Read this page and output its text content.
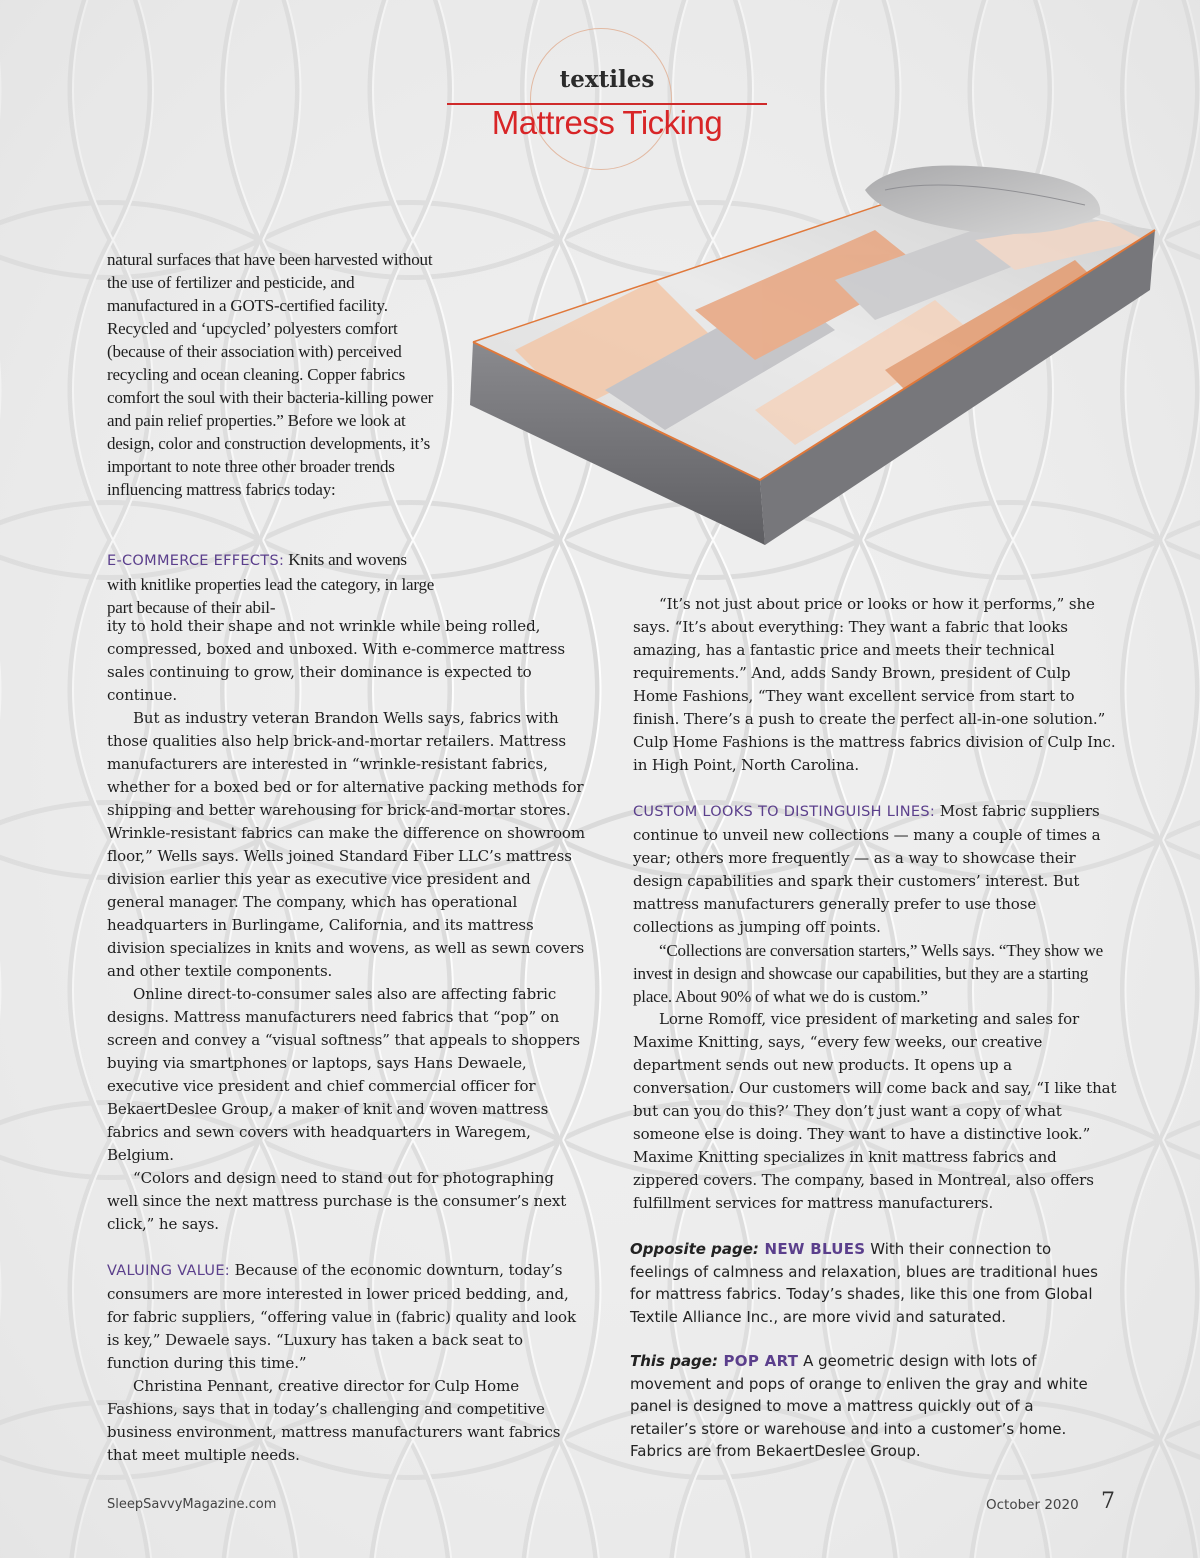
textiles
Mattress Ticking

natural surfaces that have been harvested without the use of fertilizer and pesticide, and manufactured in a GOTS-certified facility. Recycled and ‘upcycled’ polyesters comfort (because of their association with) perceived recycling and ocean cleaning. Copper fabrics comfort the soul with their bacteria-killing power and pain relief properties.” Before we look at design, color and construction developments, it’s important to note three other broader trends influencing mattress fabrics today:

E-COMMERCE EFFECTS: Knits and wovens with knitlike properties lead the category, in large part because of their abil-

ity to hold their shape and not wrinkle while being rolled, compressed, boxed and unboxed. With e-commerce mattress sales continuing to grow, their dominance is expected to continue.

But as industry veteran Brandon Wells says, fabrics with those qualities also help brick-and-mortar retailers. Mattress manufacturers are interested in “wrinkle-resistant fabrics, whether for a boxed bed or for alternative packing methods for shipping and better warehousing for brick-and-mortar stores. Wrinkle-resistant fabrics can make the difference on showroom floor,” Wells says. Wells joined Standard Fiber LLC’s mattress division earlier this year as executive vice president and general manager. The company, which has operational headquarters in Burlingame, California, and its mattress division specializes in knits and wovens, as well as sewn covers and other textile components.

Online direct-to-consumer sales also are affecting fabric designs. Mattress manufacturers need fabrics that “pop” on screen and convey a “visual softness” that appeals to shoppers buying via smartphones or laptops, says Hans Dewaele, executive vice president and chief commercial officer for BekaertDeslee Group, a maker of knit and woven mattress fabrics and sewn covers with headquarters in Waregem, Belgium.

“Colors and design need to stand out for photographing well since the next mattress purchase is the consumer’s next click,” he says.

VALUING VALUE: Because of the economic downturn, today’s consumers are more interested in lower priced bedding, and, for fabric suppliers, “offering value in (fabric) quality and look is key,” Dewaele says. “Luxury has taken a back seat to function during this time.”

Christina Pennant, creative director for Culp Home Fashions, says that in today’s challenging and competitive business environment, mattress manufacturers want fabrics that meet multiple needs.

“It’s not just about price or looks or how it performs,” she says. “It’s about everything: They want a fabric that looks amazing, has a fantastic price and meets their technical requirements.” And, adds Sandy Brown, president of Culp Home Fashions, “They want excellent service from start to finish. There’s a push to create the perfect all-in-one solution.” Culp Home Fashions is the mattress fabrics division of Culp Inc. in High Point, North Carolina.

CUSTOM LOOKS TO DISTINGUISH LINES: Most fabric suppliers continue to unveil new collections — many a couple of times a year; others more frequently — as a way to showcase their design capabilities and spark their customers’ interest. But mattress manufacturers generally prefer to use those collections as jumping off points.

“Collections are conversation starters,” Wells says. “They show we invest in design and showcase our capabilities, but they are a starting place. About 90% of what we do is custom.”

Lorne Romoff, vice president of marketing and sales for Maxime Knitting, says, “every few weeks, our creative department sends out new products. It opens up a conversation. Our customers will come back and say, “I like that but can you do this?’ They don’t just want a copy of what someone else is doing. They want to have a distinctive look.” Maxime Knitting specializes in knit mattress fabrics and zippered covers. The company, based in Montreal, also offers fulfillment services for mattress manufacturers.

Opposite page: NEW BLUES With their connection to feelings of calmness and relaxation, blues are traditional hues for mattress fabrics. Today’s shades, like this one from Global Textile Alliance Inc., are more vivid and saturated.

This page: POP ART A geometric design with lots of movement and pops of orange to enliven the gray and white panel is designed to move a mattress quickly out of a retailer’s store or warehouse and into a customer’s home. Fabrics are from BekaertDeslee Group.

SleepSavvyMagazine.com	October 2020 7
